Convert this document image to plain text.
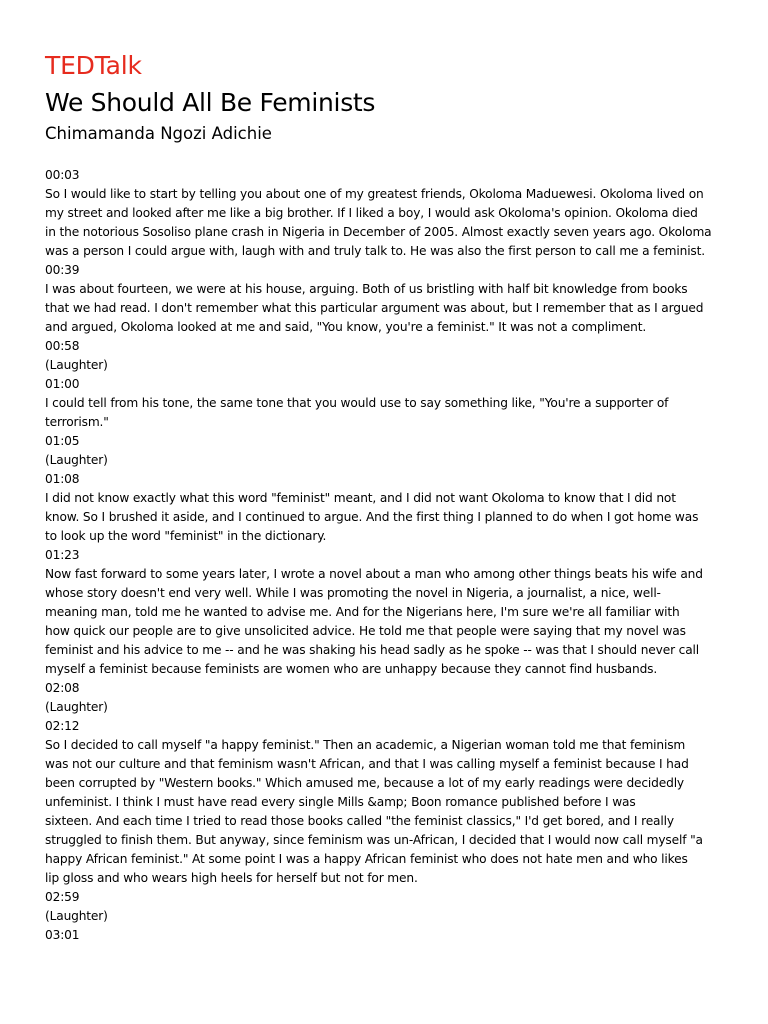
TEDTalk
We Should All Be Feminists
Chimamanda Ngozi Adichie
00:03
So I would like to start by telling you about one of my greatest friends, Okoloma Maduewesi. Okoloma lived on
my street and looked after me like a big brother. If I liked a boy, I would ask Okoloma's opinion. Okoloma died
in the notorious Sosoliso plane crash in Nigeria in December of 2005. Almost exactly seven years ago. Okoloma
was a person I could argue with, laugh with and truly talk to. He was also the first person to call me a feminist.
00:39
I was about fourteen, we were at his house, arguing. Both of us bristling with half bit knowledge from books
that we had read. I don't remember what this particular argument was about, but I remember that as I argued
and argued, Okoloma looked at me and said, "You know, you're a feminist." It was not a compliment.
00:58
(Laughter)
01:00
I could tell from his tone, the same tone that you would use to say something like, "You're a supporter of
terrorism."
01:05
(Laughter)
01:08
I did not know exactly what this word "feminist" meant, and I did not want Okoloma to know that I did not
know. So I brushed it aside, and I continued to argue. And the first thing I planned to do when I got home was
to look up the word "feminist" in the dictionary.
01:23
Now fast forward to some years later, I wrote a novel about a man who among other things beats his wife and
whose story doesn't end very well. While I was promoting the novel in Nigeria, a journalist, a nice, well-
meaning man, told me he wanted to advise me. And for the Nigerians here, I'm sure we're all familiar with
how quick our people are to give unsolicited advice. He told me that people were saying that my novel was
feminist and his advice to me -- and he was shaking his head sadly as he spoke -- was that I should never call
myself a feminist because feminists are women who are unhappy because they cannot find husbands.
02:08
(Laughter)
02:12
So I decided to call myself "a happy feminist." Then an academic, a Nigerian woman told me that feminism
was not our culture and that feminism wasn't African, and that I was calling myself a feminist because I had
been corrupted by "Western books." Which amused me, because a lot of my early readings were decidedly
unfeminist. I think I must have read every single Mills &amp; Boon romance published before I was
sixteen. And each time I tried to read those books called "the feminist classics," I'd get bored, and I really
struggled to finish them. But anyway, since feminism was un-African, I decided that I would now call myself "a
happy African feminist." At some point I was a happy African feminist who does not hate men and who likes
lip gloss and who wears high heels for herself but not for men.
02:59
(Laughter)
03:01
